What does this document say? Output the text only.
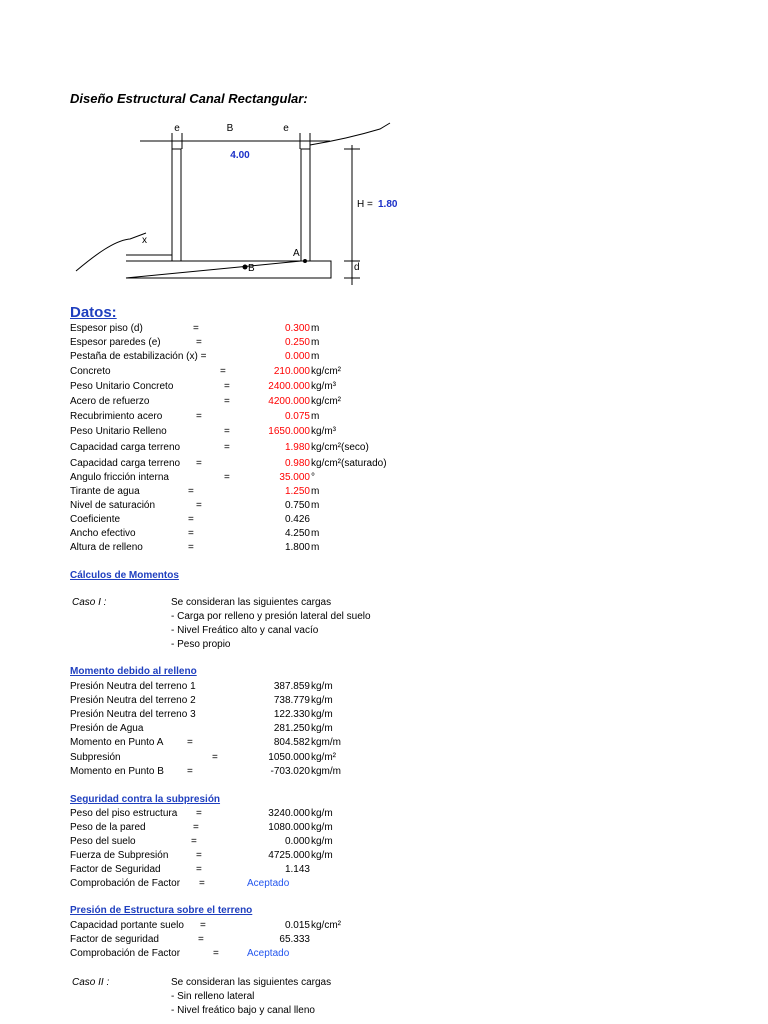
Diseño Estructural Canal Rectangular:
e	B	e
4.00
H = 1.80
x
A
B	d
Datos:
Espesor piso (d)	=	0.300 m
Espesor paredes (e)	=	0.250 m
Pestaña de estabilización (x) =	0.000 m
Concreto	=	210.000 kg/cm²
Peso Unitario Concreto	=	2400.000 kg/m³
Acero de refuerzo	=	4200.000 kg/cm²
Recubrimiento acero	=	0.075 m
Peso Unitario Relleno	=	1650.000 kg/m³
Capacidad carga terreno	=	1.980 kg/cm²(seco)
Capacidad carga terreno =	0.980 kg/cm²(saturado)
Angulo fricción interna	=	35.000 °
Tirante de agua	=	1.250 m
Nivel de saturación	=	0.750 m
Coeficiente	=	0.426
Ancho efectivo	=	4.250 m
Altura de relleno	=	1.800 m
Cálculos de Momentos
Caso I :	Se consideran las siguientes cargas
- Carga por relleno y presión lateral del suelo
- Nivel Freático alto y canal vacío
- Peso propio
Momento debido al relleno
Presión Neutra del terreno 1	387.859 kg/m
Presión Neutra del terreno 2	738.779 kg/m
Presión Neutra del terreno 3	122.330 kg/m
Presión de Agua	281.250 kg/m
Momento en Punto A =	804.582 kgm/m
Subpresión	=	1050.000 kg/m²
Momento en Punto B =	-703.020 kgm/m
Seguridad contra la subpresión
Peso del piso estructura =	3240.000 kg/m
Peso de la pared	=	1080.000 kg/m
Peso del suelo	=	0.000 kg/m
Fuerza de Subpresión	=	4725.000 kg/m
Factor de Seguridad	=	1.143
Comprobación de Factor =	Aceptado
Presión de Estructura sobre el terreno
Capacidad portante suelo =	0.015 kg/cm²
Factor de seguridad	=	65.333
Comprobación de Factor	=	Aceptado
Caso II :	Se consideran las siguientes cargas
- Sin relleno lateral
- Nivel freático bajo y canal lleno
